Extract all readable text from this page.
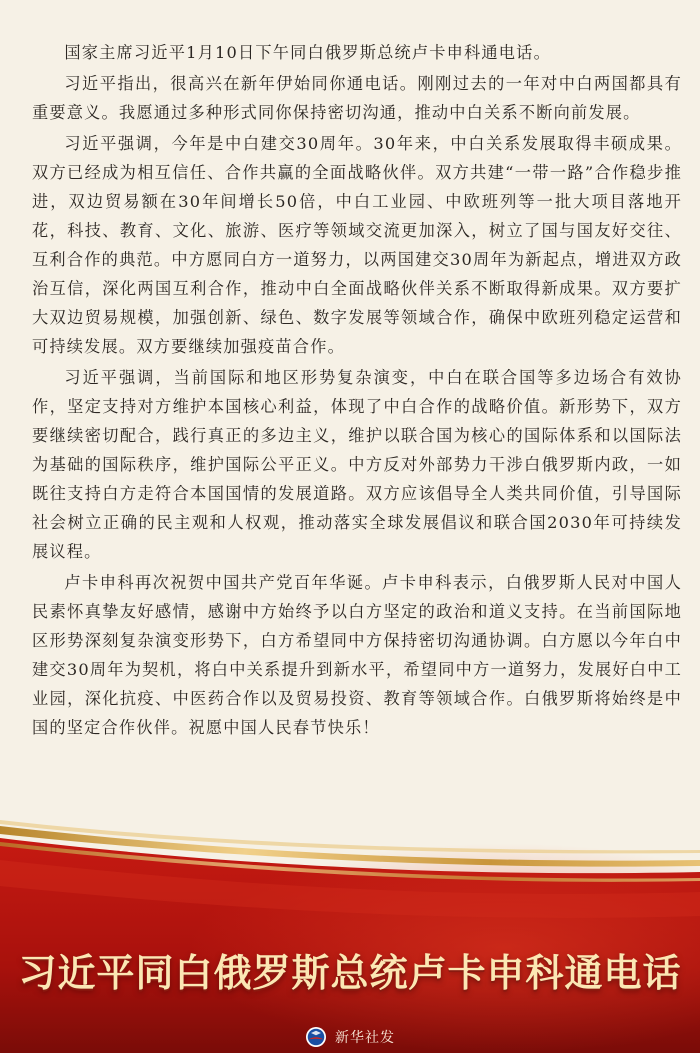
国家主席习近平1月10日下午同白俄罗斯总统卢卡申科通电话。

习近平指出，很高兴在新年伊始同你通电话。刚刚过去的一年对中白两国都具有重要意义。我愿通过多种形式同你保持密切沟通，推动中白关系不断向前发展。

习近平强调，今年是中白建交30周年。30年来，中白关系发展取得丰硕成果。双方已经成为相互信任、合作共赢的全面战略伙伴。双方共建“一带一路”合作稳步推进，双边贸易额在30年间增长50倍，中白工业园、中欧班列等一批大项目落地开花，科技、教育、文化、旅游、医疗等领域交流更加深入，树立了国与国友好交往、互利合作的典范。中方愿同白方一道努力，以两国建交30周年为新起点，增进双方政治互信，深化两国互利合作，推动中白全面战略伙伴关系不断取得新成果。双方要扩大双边贸易规模，加强创新、绿色、数字发展等领域合作，确保中欧班列稳定运营和可持续发展。双方要继续加强疫苗合作。

习近平强调，当前国际和地区形势复杂演变，中白在联合国等多边场合有效协作，坚定支持对方维护本国核心利益，体现了中白合作的战略价值。新形势下，双方要继续密切配合，践行真正的多边主义，维护以联合国为核心的国际体系和以国际法为基础的国际秩序，维护国际公平正义。中方反对外部势力干涉白俄罗斯内政，一如既往支持白方走符合本国国情的发展道路。双方应该倡导全人类共同价值，引导国际社会树立正确的民主观和人权观，推动落实全球发展倡议和联合国2030年可持续发展议程。

卢卡申科再次祝贺中国共产党百年华诞。卢卡申科表示，白俄罗斯人民对中国人民素怀真挚友好感情，感谢中方始终予以白方坚定的政治和道义支持。在当前国际地区形势深刻复杂演变形势下，白方希望同中方保持密切沟通协调。白方愿以今年白中建交30周年为契机，将白中关系提升到新水平，希望同中方一道努力，发展好白中工业园，深化抗疫、中医药合作以及贸易投资、教育等领域合作。白俄罗斯将始终是中国的坚定合作伙伴。祝愿中国人民春节快乐！

习近平同白俄罗斯总统卢卡申科通电话
新华社发
